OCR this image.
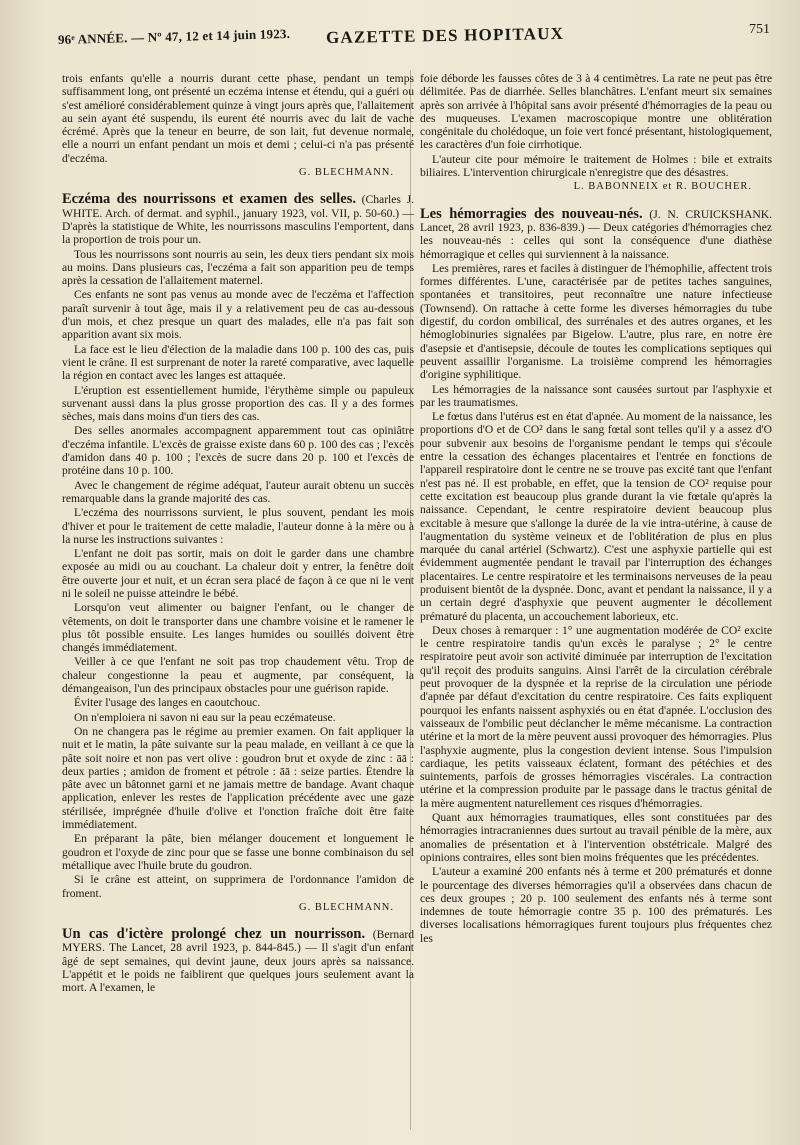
96ᵉ ANNÉE. — Nº 47, 12 et 14 juin 1923. GAZETTE DES HOPITAUX	751

trois enfants qu'elle a nourris durant cette phase, pendant un temps suffisamment long, ont présenté un eczéma intense et étendu, qui a guéri ou s'est amélioré considérablement quinze à vingt jours après que, l'allaitement au sein ayant été suspendu, ils eurent été nourris avec du lait de vache écrémé. Après que la teneur en beurre, de son lait, fut devenue normale, elle a nourri un enfant pendant un mois et demi ; celui-ci n'a pas présenté d'eczéma.

G. BLECHMANN.

Eczéma des nourrissons et examen des selles. (Charles J. WHITE. Arch. of dermat. and syphil., january 1923, vol. VII, p. 50-60.) — D'après la statistique de White, les nourrissons masculins l'emportent, dans la proportion de trois pour un.

Tous les nourrissons sont nourris au sein, les deux tiers pendant six mois au moins. Dans plusieurs cas, l'eczéma a fait son apparition peu de temps après la cessation de l'allaitement maternel.

Ces enfants ne sont pas venus au monde avec de l'eczéma et l'affection paraît survenir à tout âge, mais il y a relativement peu de cas au-dessous d'un mois, et chez presque un quart des malades, elle n'a pas fait son apparition avant six mois.

La face est le lieu d'élection de la maladie dans 100 p. 100 des cas, puis vient le crâne. Il est surprenant de noter la rareté comparative, avec laquelle la région en contact avec les langes est attaquée.

L'éruption est essentiellement humide, l'érythème simple ou papuleux survenant aussi dans la plus grosse proportion des cas. Il y a des formes sèches, mais dans moins d'un tiers des cas.

Des selles anormales accompagnent apparemment tout cas opiniâtre d'eczéma infantile. L'excès de graisse existe dans 60 p. 100 des cas ; l'excès d'amidon dans 40 p. 100 ; l'excès de sucre dans 20 p. 100 et l'excès de protéine dans 10 p. 100.

Avec le changement de régime adéquat, l'auteur aurait obtenu un succès remarquable dans la grande majorité des cas.

L'eczéma des nourrissons survient, le plus souvent, pendant les mois d'hiver et pour le traitement de cette maladie, l'auteur donne à la mère ou à la nurse les instructions suivantes :

L'enfant ne doit pas sortir, mais on doit le garder dans une chambre exposée au midi ou au couchant. La chaleur doit y entrer, la fenêtre doit être ouverte jour et nuit, et un écran sera placé de façon à ce que ni le vent ni le soleil ne puisse atteindre le bébé.

Lorsqu'on veut alimenter ou baigner l'enfant, ou le changer de vêtements, on doit le transporter dans une chambre voisine et le ramener le plus tôt possible ensuite. Les langes humides ou souillés doivent être changés immédiatement.

Veiller à ce que l'enfant ne soit pas trop chaudement vêtu. Trop de chaleur congestionne la peau et augmente, par conséquent, la démangeaison, l'un des principaux obstacles pour une guérison rapide.

Éviter l'usage des langes en caoutchouc.

On n'emploiera ni savon ni eau sur la peau eczémateuse.

On ne changera pas le régime au premier examen. On fait appliquer la nuit et le matin, la pâte suivante sur la peau malade, en veillant à ce que la pâte soit noire et non pas vert olive : goudron brut et oxyde de zinc : āā : deux parties ; amidon de froment et pétrole : āā : seize parties. Étendre la pâte avec un bâtonnet garni et ne jamais mettre de bandage. Avant chaque application, enlever les restes de l'application précédente avec une gaze stérilisée, imprégnée d'huile d'olive et l'onction fraîche doit être faite immédiatement.

En préparant la pâte, bien mélanger doucement et longuement le goudron et l'oxyde de zinc pour que se fasse une bonne combinaison du sel métallique avec l'huile brute du goudron.

Si le crâne est atteint, on supprimera de l'ordonnance l'amidon de froment.

G. BLECHMANN.

Un cas d'ictère prolongé chez un nourrisson. (Bernard MYERS. The Lancet, 28 avril 1923, p. 844-845.) — Il s'agit d'un enfant âgé de sept semaines, qui devint jaune, deux jours après sa naissance. L'appétit et le poids ne faiblirent que quelques jours seulement avant la mort. A l'examen, le

foie déborde les fausses côtes de 3 à 4 centimètres. La rate ne peut pas être délimitée. Pas de diarrhée. Selles blanchâtres. L'enfant meurt six semaines après son arrivée à l'hôpital sans avoir présenté d'hémorragies de la peau ou des muqueuses. L'examen macroscopique montre une oblitération congénitale du cholédoque, un foie vert foncé présentant, histologiquement, les caractères d'un foie cirrhotique.

L'auteur cite pour mémoire le traitement de Holmes : bile et extraits biliaires. L'intervention chirurgicale n'enregistre que des désastres.

L. BABONNEIX et R. BOUCHER.

Les hémorragies des nouveau-nés. (J. N. CRUICKSHANK. Lancet, 28 avril 1923, p. 836-839.) — Deux catégories d'hémorragies chez les nouveau-nés : celles qui sont la conséquence d'une diathèse hémorragique et celles qui surviennent à la naissance.

Les premières, rares et faciles à distinguer de l'hémophilie, affectent trois formes différentes. L'une, caractérisée par de petites taches sanguines, spontanées et transitoires, peut reconnaître une nature infectieuse (Townsend). On rattache à cette forme les diverses hémorragies du tube digestif, du cordon ombilical, des surrénales et des autres organes, et les hémoglobinuries signalées par Bigelow. L'autre, plus rare, en notre ère d'asepsie et d'antisepsie, découle de toutes les complications septiques qui peuvent assaillir l'organisme. La troisième comprend les hémorragies d'origine syphilitique.

Les hémorragies de la naissance sont causées surtout par l'asphyxie et par les traumatismes.

Le fœtus dans l'utérus est en état d'apnée. Au moment de la naissance, les proportions d'O et de CO² dans le sang fœtal sont telles qu'il y a assez d'O pour subvenir aux besoins de l'organisme pendant le temps qui s'écoule entre la cessation des échanges placentaires et l'entrée en fonctions de l'appareil respiratoire dont le centre ne se trouve pas excité tant que l'enfant n'est pas né. Il est probable, en effet, que la tension de CO² requise pour cette excitation est beaucoup plus grande durant la vie fœtale qu'après la naissance. Cependant, le centre respiratoire devient beaucoup plus excitable à mesure que s'allonge la durée de la vie intra-utérine, à cause de l'augmentation du système veineux et de l'oblitération de plus en plus marquée du canal artériel (Schwartz). C'est une asphyxie partielle qui est évidemment augmentée pendant le travail par l'interruption des échanges placentaires. Le centre respiratoire et les terminaisons nerveuses de la peau produisent bientôt de la dyspnée. Donc, avant et pendant la naissance, il y a un certain degré d'asphyxie que peuvent augmenter le décollement prématuré du placenta, un accouchement laborieux, etc.

Deux choses à remarquer : 1° une augmentation modérée de CO² excite le centre respiratoire tandis qu'un excès le paralyse ; 2° le centre respiratoire peut avoir son activité diminuée par interruption de l'excitation qu'il reçoit des produits sanguins. Ainsi l'arrêt de la circulation cérébrale peut provoquer de la dyspnée et la reprise de la circulation une période d'apnée par défaut d'excitation du centre respiratoire. Ces faits expliquent pourquoi les enfants naissent asphyxiés ou en état d'apnée. L'occlusion des vaisseaux de l'ombilic peut déclancher le même mécanisme. La contraction utérine et la mort de la mère peuvent aussi provoquer des hémorragies. Plus l'asphyxie augmente, plus la congestion devient intense. Sous l'impulsion cardiaque, les petits vaisseaux éclatent, formant des pétéchies et des suintements, parfois de grosses hémorragies viscérales. La contraction utérine et la compression produite par le passage dans le tractus génital de la mère augmentent naturellement ces risques d'hémorragies.

Quant aux hémorragies traumatiques, elles sont constituées par des hémorragies intracraniennes dues surtout au travail pénible de la mère, aux anomalies de présentation et à l'intervention obstétricale. Malgré des opinions contraires, elles sont bien moins fréquentes que les précédentes.

L'auteur a examiné 200 enfants nés à terme et 200 prématurés et donne le pourcentage des diverses hémorragies qu'il a observées dans chacun de ces deux groupes ; 20 p. 100 seulement des enfants nés à terme sont indemnes de toute hémorragie contre 35 p. 100 des prématurés. Les diverses localisations hémorragiques furent toujours plus fréquentes chez les
